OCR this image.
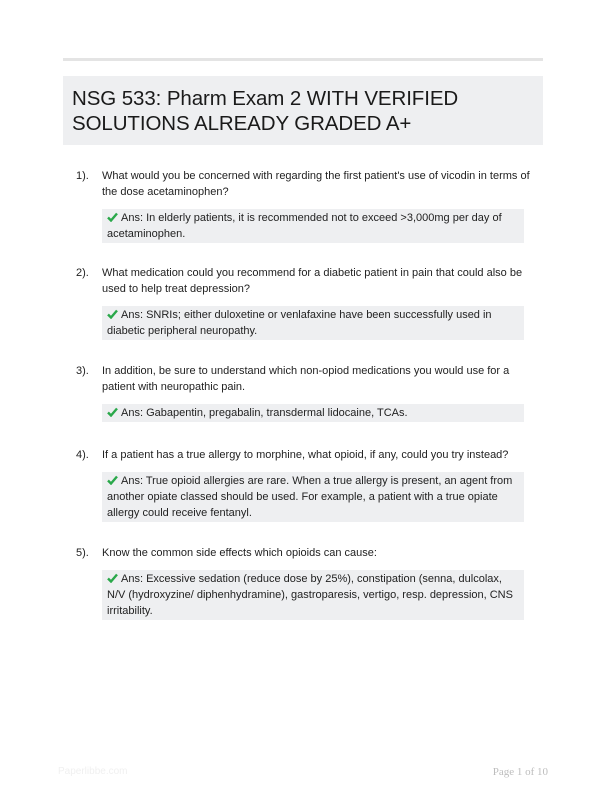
NSG 533: Pharm Exam 2 WITH VERIFIED SOLUTIONS ALREADY GRADED A+
1).	What would you be concerned with regarding the first patient's use of vicodin in terms of the dose acetaminophen?
Ans: In elderly patients, it is recommended not to exceed >3,000mg per day of acetaminophen.
2).	What medication could you recommend for a diabetic patient in pain that could also be used to help treat depression?
Ans: SNRIs; either duloxetine or venlafaxine have been successfully used in diabetic peripheral neuropathy.
3).	In addition, be sure to understand which non-opiod medications you would use for a patient with neuropathic pain.
Ans: Gabapentin, pregabalin, transdermal lidocaine, TCAs.
4).	If a patient has a true allergy to morphine, what opioid, if any, could you try instead?
Ans: True opioid allergies are rare. When a true allergy is present, an agent from another opiate classed should be used. For example, a patient with a true opiate allergy could receive fentanyl.
5).	Know the common side effects which opioids can cause:
Ans: Excessive sedation (reduce dose by 25%), constipation (senna, dulcolax, N/V (hydroxyzine/ diphenhydramine), gastroparesis, vertigo, resp. depression, CNS irritability.
Paperlibbe.com	Page 1 of 10
